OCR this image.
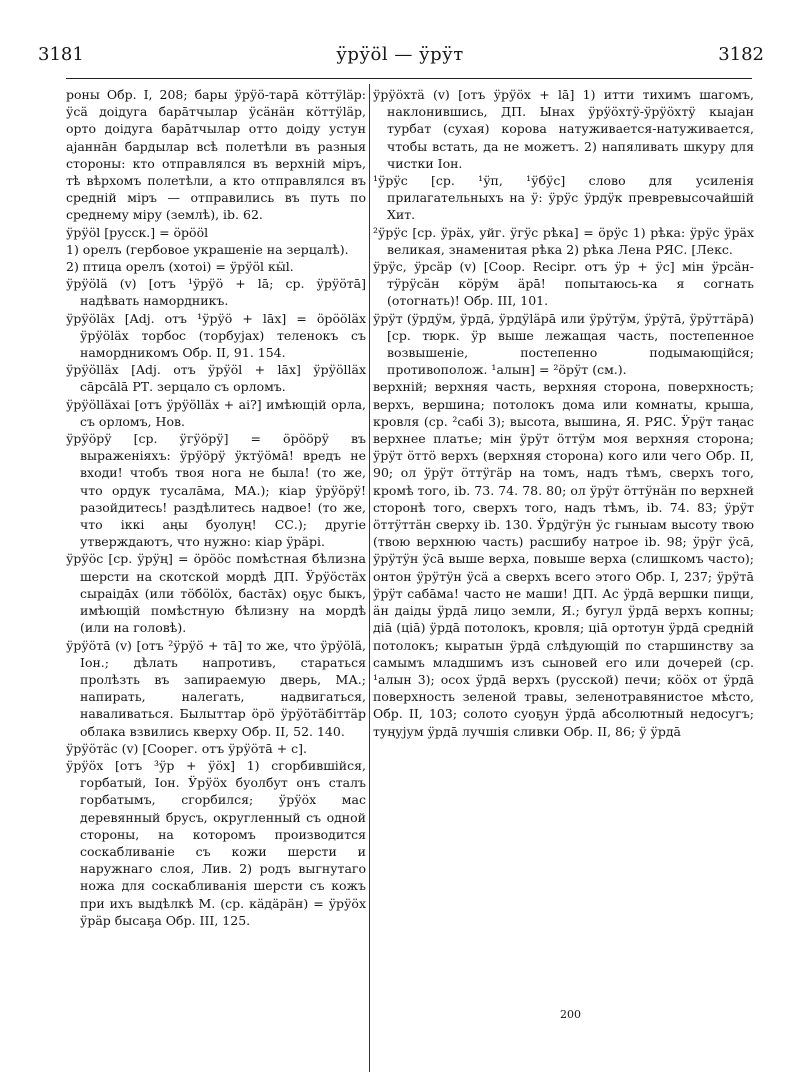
3181	ӱрӱӧl — ӱрӱт	3182

роны Обр. I, 208; бары ӱрӱӧ-тарā кӧттӱlӓр: ӱсӓ доідуга барāтчылар ӱсӓнӓн кӧттӱlӓр, орто доідуга барāтчылар отто доіду устун аjаннāн бардылар всѣ полетѣли въ разныя стороны: кто отправлялся въ верхній міръ, тѣ вѣрхомъ полетѣли, а кто отправлялся въ средній міръ — отправились въ путь по среднему міру (землѣ), ib. 62.

ӱрӱӧl [русск.] = ӧрӧӧl

1) орелъ (гербовое украшеніе на зерцалѣ).

2) птица орелъ (хотоі) = ӱрӱӧl кӹl.

ӱрӱӧlӓ (v) [отъ ¹ӱрӱӧ + lā; ср. ӱрӱӧтā] надѣвать намордникъ.

ӱрӱӧlӓх [Adj. отъ ¹ӱрӱӧ + lāх] = ӧрӧӧlӓх ӱрӱӧlӓх торбос (торбујах) теленокъ съ намордникомъ Обр. II, 91. 154.

ӱрӱӧllӓх [Adj. отъ ӱрӱӧl + lāх] ӱрӱӧllӓх сāрсālā РТ. зерцало съ орломъ.

ӱрӱӧllӓхаі [отъ ӱрӱӧllӓх + аі?] имѣющій орла, съ орломъ, Нов.

ӱрӱӧрӱ [ср. ӱгӱӧрӱ] = ӧрӧӧрӱ въ выраженіяхъ: ӱрӱӧрӱ ӱктӱӧмā! вредъ не входи! чтобъ твоя нога не была! (то же, что ордук тусалāма, МА.); кіар ӱрӱӧрӱ! разойдитесь! раздѣлитесь надвое! (то же, что іккі аңы буолуң! СС.); другіе утверждаютъ, что нужно: кіар ӱрӓрі.

ӱрӱӧс [ср. ӱрӱң] = ӧрӧӧс помѣстная бѣлизна шерсти на скотской мордѣ ДП. Ӱрӱӧстӓх сыраідāх (или тӧбӧlӧх, бастāх) оҕус быкъ, имѣющій помѣстную бѣлизну на мордѣ (или на головѣ).

ӱрӱӧтā (v) [отъ ²ӱрӱӧ + тā] то же, что ӱрӱӧlӓ, Іон.; дѣлать напротивъ, стараться пролѣзть въ запираемую дверь, МА.; напирать, налегать, надвигаться, наваливаться. Былыттар ӧрӧ ӱрӱӧтӓбіттӓр облака взвились кверху Обр. II, 52. 140.

ӱрӱӧтӓс (v) [Coорег. отъ ӱрӱӧтā + с].

ӱрӱӧх [отъ ³ӱр + ӱӧх] 1) сгорбившійся, горбатый, Іон. Ӱрӱӧх буолбут онъ сталъ горбатымъ, сгорбился; ӱрӱӧх мас деревянный брусъ, округленный съ одной стороны, на которомъ производится соскабливаніе съ кожи шерсти и наружнаго слоя, Лив. 2) родъ выгнутаго ножа для соскабливанія шерсти съ кожъ при ихъ выдѣлкѣ М. (ср. кӓдӓрӓн) = ӱрӱӧх ӱрӓр бысаҕа Обр. III, 125.

ӱрӱӧхтӓ (v) [отъ ӱрӱӧх + lā] 1) итти тихимъ шагомъ, наклонившись, ДП. Ынах ӱрӱӧхтӱ-ӱрӱӧхтӱ кыајан турбат (сухая) корова натуживается-натуживается, чтобы встать, да не можетъ. 2) напяливать шкуру для чистки Іон.

¹ӱрӱс [ср. ¹ӱп, ¹ӱбӱс] слово для усиленія прилагательныхъ на ӱ: ӱрӱс ӱрдӱк превревысочайшій Хит.

²ӱрӱс [ср. ӱрӓх, уйг. ӱгӱс рѣка] = ӧрӱс 1) рѣка: ӱрӱс ӱрӓх великая, знаменитая рѣка 2) рѣка Лена РЯС. [Лекс.

ӱрӱс, ӱрсӓр (v) [Coop. Recipr. отъ ӱр + ӱс] мін ӱрсӓн-тӱрӱсӓн кӧрӱм ӓрā! попытаюсь-ка я согнать (отогнать)! Обр. III, 101.

ӱрӱт (ӱрдӱм, ӱрдā, ӱрдӱlӓрā или ӱрӱтӱм, ӱрӱтā, ӱрӱттӓрā) [ср. тюрк. ӱр выше лежащая часть, постепенное возвышеніе, постепенно подымающійся; противополож. ¹алын] = ²ӧрӱт (см.).

верхній; верхняя часть, верхняя сторона, поверхность; верхъ, вершина; потолокъ дома или комнаты, крыша, кровля (ср. ²сабі 3); высота, вышина, Я. РЯС. Ӱрӱт таңас верхнее платье; мін ӱрӱт ӧттӱм моя верхняя сторона; ӱрӱт ӧттӧ верхъ (верхняя сторона) кого или чего Обр. II, 90; ол ӱрӱт ӧттӱгӓр на томъ, надъ тѣмъ, сверхъ того, кромѣ того, ib. 73. 74. 78. 80; ол ӱрӱт ӧттӱнӓн по верхней сторонѣ того, сверхъ того, надъ тѣмъ, ib. 74. 83; ӱрӱт ӧттӱттӓн сверху ib. 130. Ӱрдӱгӱн ӱс гыныам высоту твою (твою верхнюю часть) расшибу натрое ib. 98; ӱрӱг ӱсā, ӱрӱтӱн ӱсā выше верха, повыше верха (слишкомъ часто); онтон ӱрӱтӱн ӱсӓ а сверхъ всего этого Обр. I, 237; ӱрӱтā ӱрӱт сабāма! часто не маши! ДП. Ас ӱрдā вершки пищи, ӓн даіды ӱрдā лицо земли, Я.; бугул ӱрдā верхъ копны; діā (ціā) ӱрдā потолокъ, кровля; ціā ортотун ӱрдā средній потолокъ; кыратын ӱрдā слѣдующій по старшинству за самымъ младшимъ изъ сыновей его или дочерей (ср. ¹алын 3); осох ӱрдā верхъ (русской) печи; кӧӧх от ӱрдā поверхность зеленой травы, зеленотравянистое мѣсто, Обр. II, 103; солото суоҕун ӱрдā абсолютный недосугъ; туңујум ӱрдā лучшія сливки Обр. II, 86; ӱ ӱрдā

200
